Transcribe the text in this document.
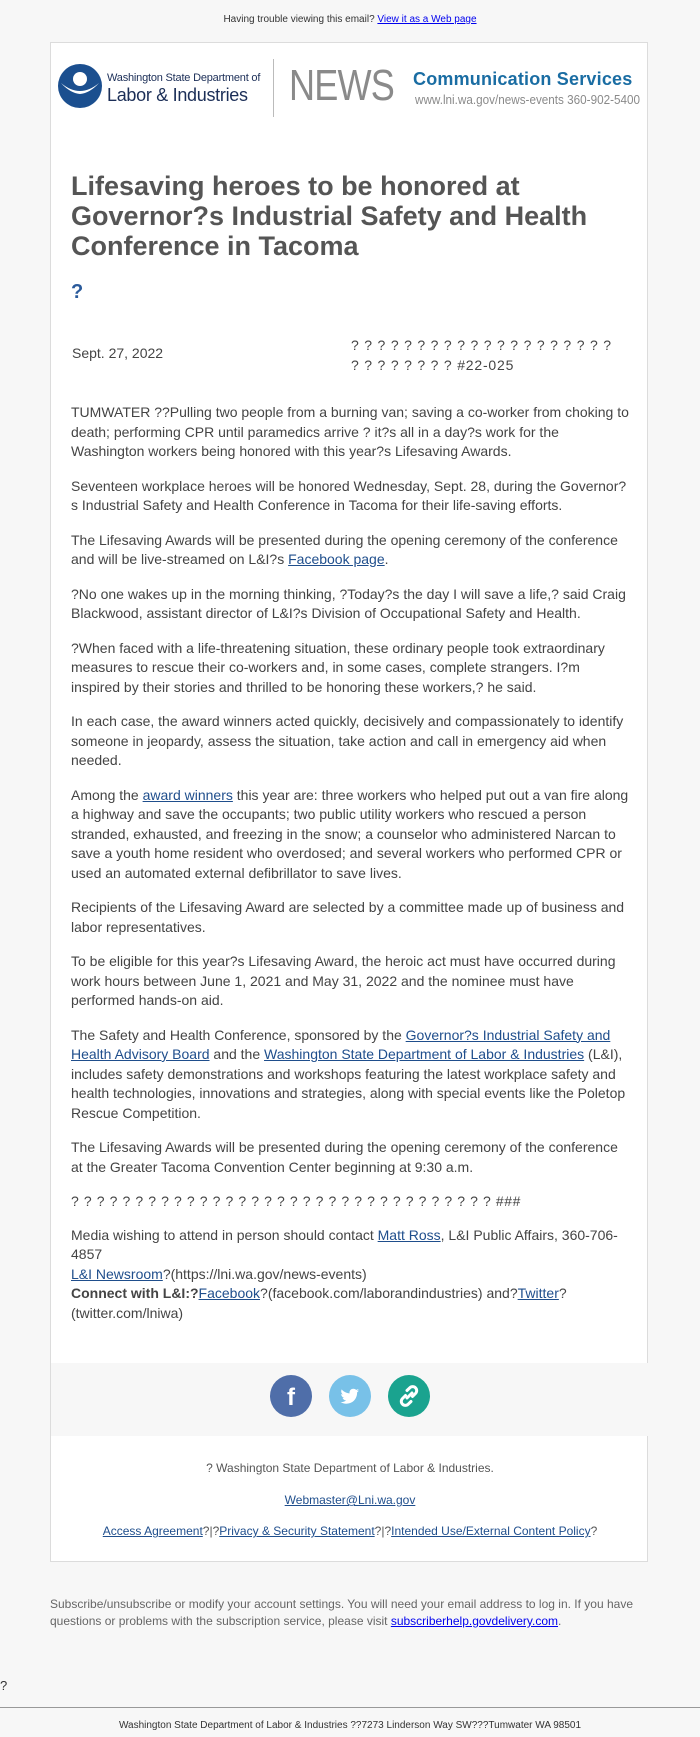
Having trouble viewing this email? View it as a Web page
Washington State Department of
Labor & Industries NEWS Communication Services
www.lni.wa.gov/news-events 360-902-5400
Lifesaving heroes to be honored at Governor?s Industrial Safety and Health Conference in Tacoma
?
Sept. 27, 2022	? ? ? ? ? ? ? ? ? ? ? ? ? ? ? ? ? ? ? ? ? ? ? ? ? ? ? ? #22-025

TUMWATER ??Pulling two people from a burning van; saving a co-worker from choking to death; performing CPR until paramedics arrive ? it?s all in a day?s work for the Washington workers being honored with this year?s Lifesaving Awards.

Seventeen workplace heroes will be honored Wednesday, Sept. 28, during the Governor?s Industrial Safety and Health Conference in Tacoma for their life-saving efforts.

The Lifesaving Awards will be presented during the opening ceremony of the conference and will be live-streamed on L&I?s Facebook page.

?No one wakes up in the morning thinking, ?Today?s the day I will save a life,? said Craig Blackwood, assistant director of L&I?s Division of Occupational Safety and Health.

?When faced with a life-threatening situation, these ordinary people took extraordinary measures to rescue their co-workers and, in some cases, complete strangers. I?m inspired by their stories and thrilled to be honoring these workers,? he said.

In each case, the award winners acted quickly, decisively and compassionately to identify someone in jeopardy, assess the situation, take action and call in emergency aid when needed.

Among the award winners this year are: three workers who helped put out a van fire along a highway and save the occupants; two public utility workers who rescued a person stranded, exhausted, and freezing in the snow; a counselor who administered Narcan to save a youth home resident who overdosed; and several workers who performed CPR or used an automated external defibrillator to save lives.

Recipients of the Lifesaving Award are selected by a committee made up of business and labor representatives.

To be eligible for this year?s Lifesaving Award, the heroic act must have occurred during work hours between June 1, 2021 and May 31, 2022 and the nominee must have performed hands-on aid.

The Safety and Health Conference, sponsored by the Governor?s Industrial Safety and Health Advisory Board and the Washington State Department of Labor & Industries (L&I), includes safety demonstrations and workshops featuring the latest workplace safety and health technologies, innovations and strategies, along with special events like the Poletop Rescue Competition.

The Lifesaving Awards will be presented during the opening ceremony of the conference at the Greater Tacoma Convention Center beginning at 9:30 a.m.

? ? ? ? ? ? ? ? ? ? ? ? ? ? ? ? ? ? ? ? ? ? ? ? ? ? ? ? ? ? ? ? ? ###

Media wishing to attend in person should contact Matt Ross, L&I Public Affairs, 360-706-4857
L&I Newsroom?(https://lni.wa.gov/news-events)
Connect with L&I:?Facebook?(facebook.com/laborandindustries) and?Twitter?(twitter.com/lniwa)
f
? Washington State Department of Labor & Industries.
Webmaster@Lni.wa.gov
Access Agreement?|?Privacy & Security Statement?|?Intended Use/External Content Policy?
Subscribe/unsubscribe or modify your account settings. You will need your email address to log in. If you have questions or problems with the subscription service, please visit subscriberhelp.govdelivery.com.
?
Washington State Department of Labor & Industries ??7273 Linderson Way SW???Tumwater WA 98501
